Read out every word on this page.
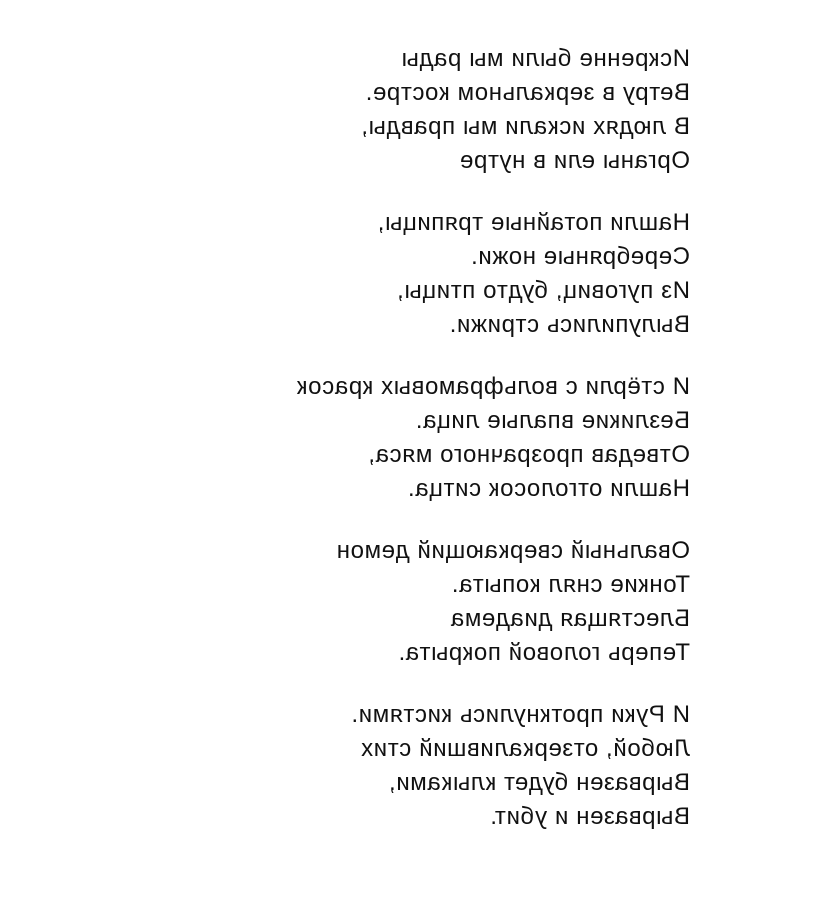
Искренне были мы рады
Ветру в зеркальном костре.
В людях искали мы правды,
Органы ели в нутре
Нашли потайные тряпицы,
Серебряные ножи.
Из пуговиц, будто птицы,
Вылупились стрижи.
И стёрли с вольфрамовых красок
Безликие впалые лица.
Отведав прозрачного мяса,
Нашли отголосок ситца.
Овальный сверкающий демон
Тонкие снял копыта.
Блестящая диадема
Теперь головой покрыта.
И Руки проткнулись кистями.
Любой, отзеркаливший стих
Вырвазен будет клыками,
Вырвазен и убит.
